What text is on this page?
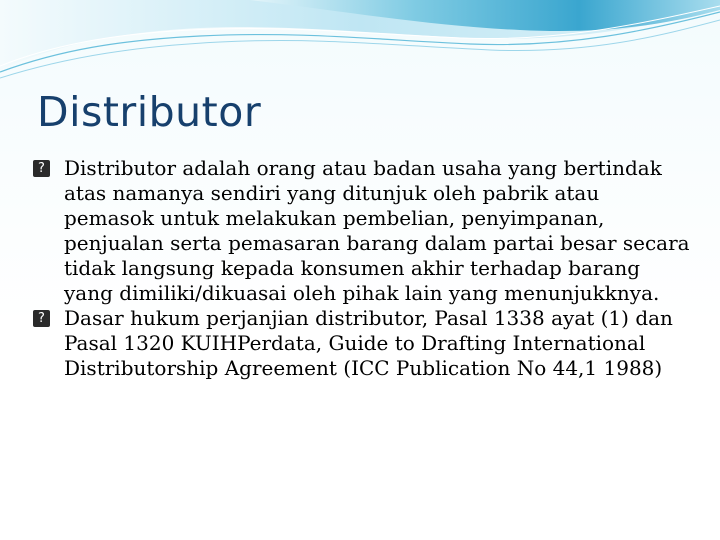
Distributor
? Distributor adalah orang atau badan usaha yang bertindak atas namanya sendiri yang ditunjuk oleh pabrik atau pemasok untuk melakukan pembelian, penyimpanan, penjualan serta pemasaran barang dalam partai besar secara tidak langsung kepada konsumen akhir terhadap barang yang dimiliki/dikuasai oleh pihak lain yang menunjukknya.
? Dasar hukum perjanjian distributor, Pasal 1338 ayat (1) dan Pasal 1320 KUIHPerdata, Guide to Drafting International Distributorship Agreement (ICC Publication No 44,1 1988)
